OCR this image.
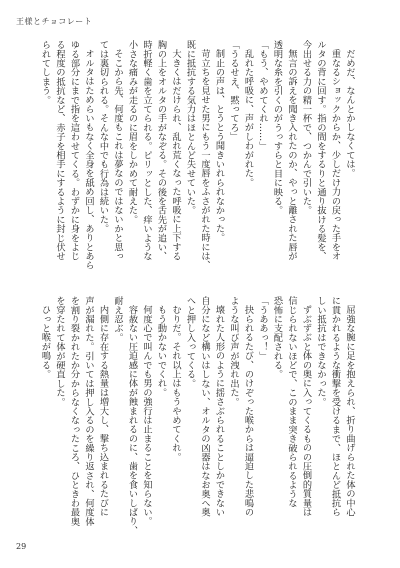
王様とチョコレート
だめだ、なんとかしなくては。
重なるショックからか、少しだけ力の戻った手をオ
ルタの背に回す。指の間をするりと通り抜ける髪を、
今出せる力の精一杯で、つかんで引いた。
無言の訴えを聞き入れたのか、やっと離された唇が
透明な糸を引くのがうっすらと目に映る。
「もう、やめてくれ……」
乱れた呼吸に、声がしわがれた。
「うるせえ、黙ってろ」
制止の声は、とうとう聞きいれられなかった。
苛立ちを見せた男にもう一度唇をふさがれた時には、
既に抵抗する気力はほとんど失せていた。
大きくはだけられ、乱れ荒くなった呼吸に上下する
胸の上をオルタの手がなぞる。その後を舌先が追い、
時折軽く歯を立てられる。ピリッとした、痒いような
小さな痛みが走るのに眉をしかめて耐えた。
そこから先、何度もこれは夢なのではないかと思っ
ては裏切られる。そんな中でも行為は続いた。
オルタはためらいもなく全身を舐め回し、ありとあら
ゆる部分にまで指を這わせてくる。わずかに身をよじ
る程度の抵抗など、赤子を相手にするように封じ伏せ
られてしまう。
屈強な腕に足を抱えられ、折り曲げられた体の中心
に貫かれるような衝撃を受けるまで、ほとんど抵抗ら
しい抵抗はできなかった。
ずぶずぶと体の奥に入ってくるものの圧倒的質量は
信じられないほどで、このまま突き破られるような
恐怖に支配される。
「うああっ！」
抉られるたび、のけぞった喉からは逼迫した悲鳴の
ような叫び声が洩れ出た。
壊れた人形のように揺さぶられることしかできない
自分になど構いはしない、オルタの凶器はなお奥へ奥
へと押し入ってくる。
むりだ。それ以上はもうやめてくれ。
もう動かないでくれ。
何度心で叫んでも男の強行は止まることを知らない。
容赦ない圧迫感に体が蝕まれるのに、歯を食いしばり、
耐え忍ぶ。
内側に存在する熱量は増大し、撃ち込まれるたびに
声が漏れた。引いては押し入るのを繰り返され、何度体
を割り裂かれたか分からなくなったころ、ひときわ最奥
を穿たれて体が硬直した。
ひっと喉が鳴る。
29
